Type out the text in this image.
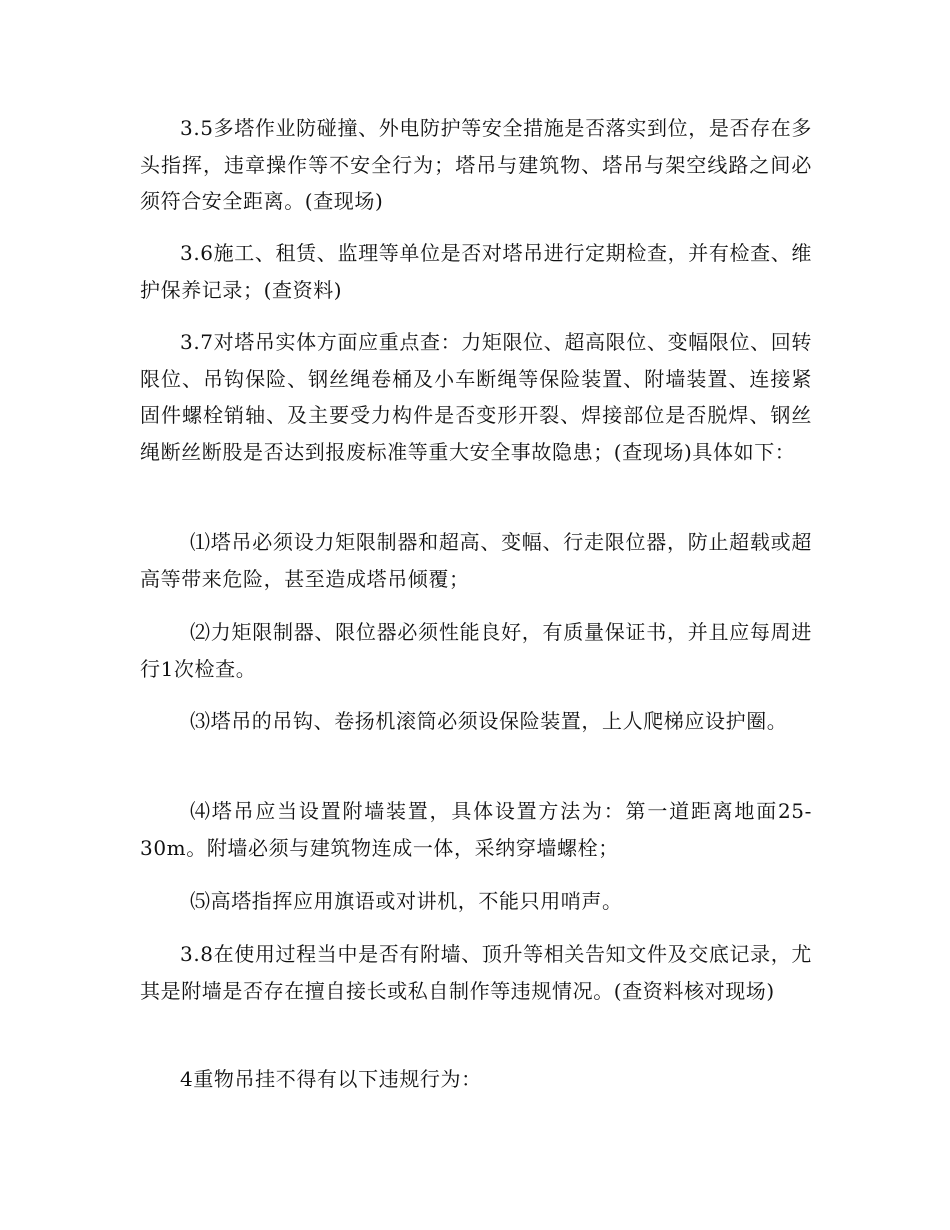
3.5多塔作业防碰撞、外电防护等安全措施是否落实到位，是否存在多头指挥，违章操作等不安全行为；塔吊与建筑物、塔吊与架空线路之间必须符合安全距离。(查现场)

3.6施工、租赁、监理等单位是否对塔吊进行定期检查，并有检查、维护保养记录；(查资料)

3.7对塔吊实体方面应重点查：力矩限位、超高限位、变幅限位、回转限位、吊钩保险、钢丝绳卷桶及小车断绳等保险装置、附墙装置、连接紧固件螺栓销轴、及主要受力构件是否变形开裂、焊接部位是否脱焊、钢丝绳断丝断股是否达到报废标准等重大安全事故隐患；(查现场)具体如下：

⑴塔吊必须设力矩限制器和超高、变幅、行走限位器，防止超载或超高等带来危险，甚至造成塔吊倾覆；

⑵力矩限制器、限位器必须性能良好，有质量保证书，并且应每周进行1次检查。

⑶塔吊的吊钩、卷扬机滚筒必须设保险装置，上人爬梯应设护圈。

⑷塔吊应当设置附墙装置，具体设置方法为：第一道距离地面25-30m。附墙必须与建筑物连成一体，采纳穿墙螺栓；

⑸高塔指挥应用旗语或对讲机，不能只用哨声。

3.8在使用过程当中是否有附墙、顶升等相关告知文件及交底记录，尤其是附墙是否存在擅自接长或私自制作等违规情况。(查资料核对现场)

4重物吊挂不得有以下违规行为：
